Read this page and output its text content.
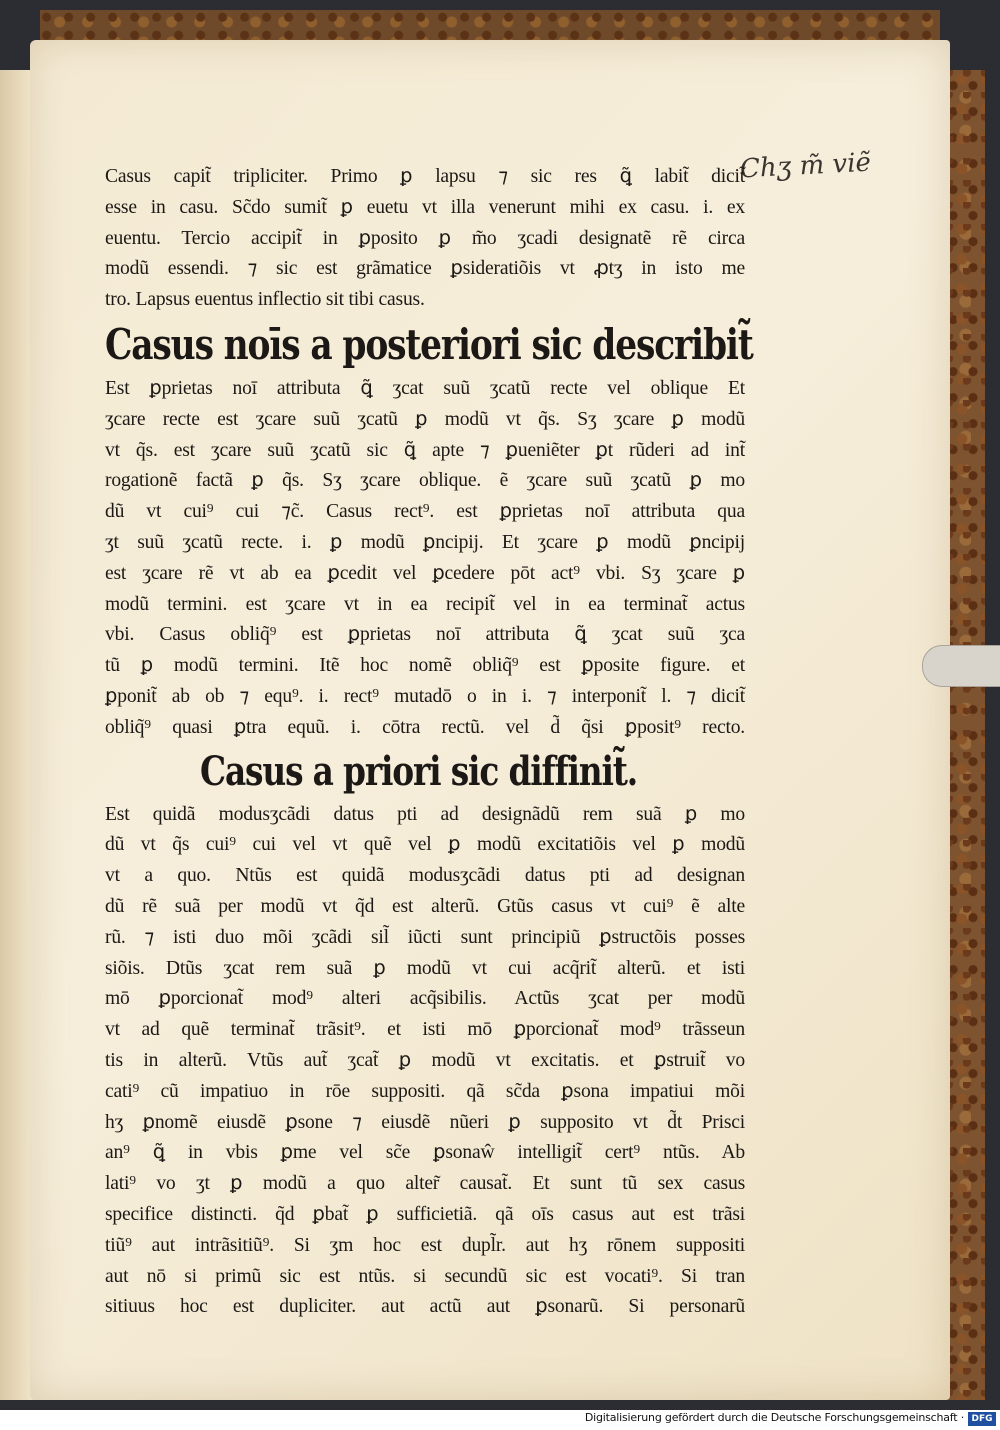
Chʒ m̃ viẽ
Casus capit̃ tripliciter. Primo ꝑ lapsu ⁊ sic res ꝗ̃ labit̃ dicit̃
esse in casu. Sc̃do sumit̃ ꝑ euetu vt illa venerunt mihi ex casu. i. ex
euentu. Tercio accipit̃ in ꝑposito ꝑ m̃o ʒcadi designatẽ rẽ circa
modũ essendi. ⁊ sic est grãmatice ꝑsideratiõis vt ꝓtʒ in isto me
tro. Lapsus euentus inflectio sit tibi casus.
Casus noīs a posteriori sic describit̃
Est ꝑprietas noī attributa ꝗ̃ ʒcat suũ ʒcatũ recte vel oblique Et
ʒcare recte est ʒcare suũ ʒcatũ ꝑ modũ vt q̃s. Sʒ ʒcare ꝑ modũ
vt q̃s. est ʒcare suũ ʒcatũ sic ꝗ̃ apte ⁊ ꝑueniẽter ꝑt rũderi ad int̃
rogationẽ factã ꝑ q̃s. Sʒ ʒcare oblique. ẽ ʒcare suũ ʒcatũ ꝑ mo
dũ vt cui⁹ cui ⁊c̃. Casus rect⁹. est ꝑprietas noī attributa qua
ʒt suũ ʒcatũ recte. i. ꝑ modũ ꝑncipij. Et ʒcare ꝑ modũ ꝑncipij
est ʒcare rẽ vt ab ea ꝑcedit vel ꝑcedere pōt act⁹ vbi. Sʒ ʒcare ꝑ
modũ termini. est ʒcare vt in ea recipit̃ vel in ea terminat̃ actus
vbi. Casus obliq̃⁹ est ꝑprietas noī attributa ꝗ̃ ʒcat suũ ʒca
tũ ꝑ modũ termini. Itẽ hoc nomẽ obliq̃⁹ est ꝑposite figure. et
ꝑponit̃ ab ob ⁊ equ⁹. i. rect⁹ mutadō o in i. ⁊ interponit̃ l. ⁊ dicit̃
obliq̃⁹ quasi ꝑtra equũ. i. cōtra rectũ. vel d̃ q̃si ꝑposit⁹ recto.
Casus a priori sic diffinit̃.
Est quidã modusʒcãdi datus pti ad designãdũ rem suã ꝑ mo
dũ vt q̃s cui⁹ cui vel vt quẽ vel ꝑ modũ excitatiõis vel ꝑ modũ
vt a quo. Ntũs est quidã modusʒcãdi datus pti ad designan
dũ rẽ suã per modũ vt q̃d est alterũ. Gtũs casus vt cui⁹ ẽ alte
rũ. ⁊ isti duo mõi ʒcãdi sil̃ iũcti sunt principiũ ꝑstructõis posses
siõis. Dtũs ʒcat rem suã ꝑ modũ vt cui acq̃rit̃ alterũ. et isti
mō ꝑporcionat̃ mod⁹ alteri acq̃sibilis. Actũs ʒcat per modũ
vt ad quẽ terminat̃ trãsit⁹. et isti mō ꝑporcionat̃ mod⁹ trãsseun
tis in alterũ. Vtũs aut̃ ʒcat̃ ꝑ modũ vt excitatis. et ꝑstruit̃ vo
cati⁹ cũ impatiuo in rōe suppositi. qã sc̃da ꝑsona impatiui mõi
hʒ ꝑnomẽ eiusdẽ ꝑsone ⁊ eiusdẽ nũeri ꝑ supposito vt d̃t Prisci
an⁹ ꝗ̃ in vbis ꝑme vel sc̃e ꝑsonaŵ intelligit̃ cert⁹ ntũs. Ab
lati⁹ vo ʒt ꝑ modũ a quo alter̃ causat̃. Et sunt tũ sex casus
specifice distincti. q̃d ꝑbat̃ ꝑ sufficietiã. qã oīs casus aut est trãsi
tiũ⁹ aut intrãsitiũ⁹. Si ʒm hoc est dupl̃r. aut hʒ rōnem suppositi
aut nō si primũ sic est ntũs. si secundũ sic est vocati⁹. Si tran
sitiuus hoc est dupliciter. aut actũ aut ꝑsonarũ. Si personarũ
Digitalisierung gefördert durch die Deutsche Forschungsgemeinschaft · DFG
